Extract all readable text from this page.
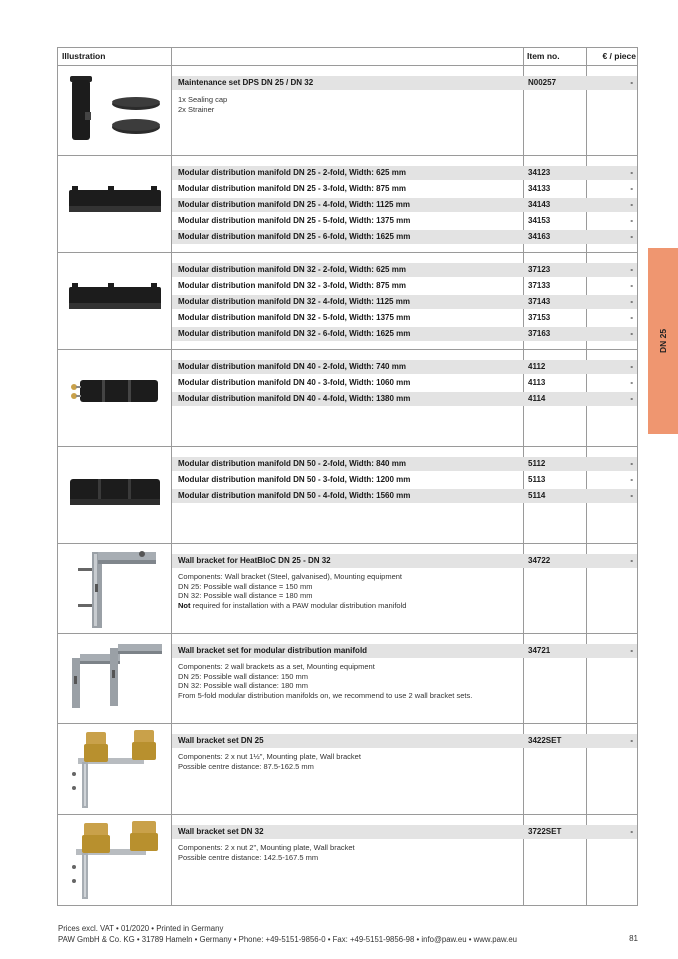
Illustration	Item no.	€ / piece
Maintenance set DPS DN 25 / DN 32	N00257	-
1x Sealing cap
2x Strainer
Modular distribution manifold DN 25 - 2-fold, Width: 625 mm	34123	-
Modular distribution manifold DN 25 - 3-fold, Width: 875 mm	34133	-
Modular distribution manifold DN 25 - 4-fold, Width: 1125 mm	34143	-
Modular distribution manifold DN 25 - 5-fold, Width: 1375 mm	34153	-
Modular distribution manifold DN 25 - 6-fold, Width: 1625 mm	34163	-
Modular distribution manifold DN 32 - 2-fold, Width: 625 mm	37123	-
Modular distribution manifold DN 32 - 3-fold, Width: 875 mm	37133	-
Modular distribution manifold DN 32 - 4-fold, Width: 1125 mm	37143	-
Modular distribution manifold DN 32 - 5-fold, Width: 1375 mm	37153	-
Modular distribution manifold DN 32 - 6-fold, Width: 1625 mm	37163	-
Modular distribution manifold DN 40 - 2-fold, Width: 740 mm	4112	-
Modular distribution manifold DN 40 - 3-fold, Width: 1060 mm	4113	-
Modular distribution manifold DN 40 - 4-fold, Width: 1380 mm	4114	-
Modular distribution manifold DN 50 - 2-fold, Width: 840 mm	5112	-
Modular distribution manifold DN 50 - 3-fold, Width: 1200 mm	5113	-
Modular distribution manifold DN 50 - 4-fold, Width: 1560 mm	5114	-
Wall bracket for HeatBloC DN 25 - DN 32	34722	-
Components: Wall bracket (Steel, galvanised), Mounting equipment
DN 25: Possible wall distance = 150 mm
DN 32: Possible wall distance = 180 mm
Not required for installation with a PAW modular distribution manifold
Wall bracket set for modular distribution manifold	34721	-
Components: 2 wall brackets as a set, Mounting equipment
DN 25: Possible wall distance: 150 mm
DN 32: Possible wall distance: 180 mm
From 5-fold modular distribution manifolds on, we recommend to use 2 wall bracket sets.
Wall bracket set DN 25	3422SET	-
Components: 2 x nut 1½", Mounting plate, Wall bracket
Possible centre distance: 87.5-162.5 mm
Wall bracket set DN 32	3722SET	-
Components: 2 x nut 2", Mounting plate, Wall bracket
Possible centre distance: 142.5-167.5 mm
DN 25
Prices excl. VAT • 01/2020 • Printed in Germany
PAW GmbH & Co. KG • 31789 Hameln • Germany • Phone: +49-5151-9856-0 • Fax: +49-5151-9856-98 • info@paw.eu • www.paw.eu	81
